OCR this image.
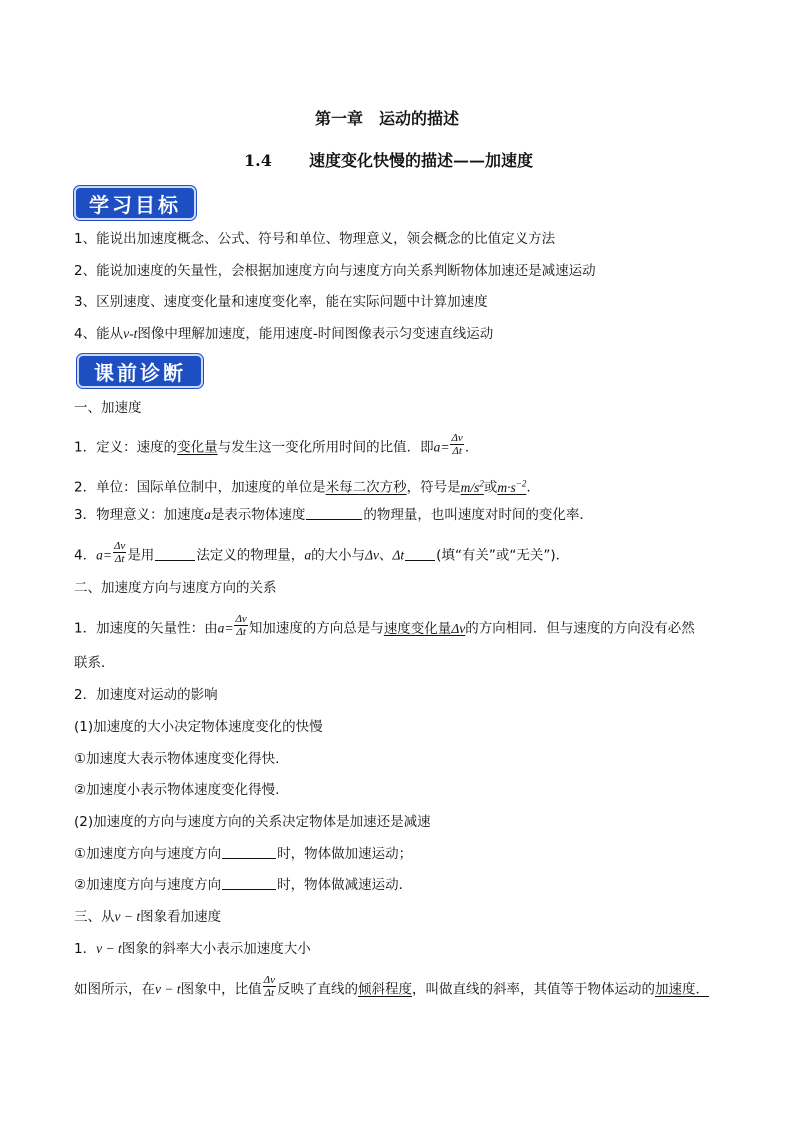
第一章　运动的描述
1.4 速度变化快慢的描述——加速度
学习目标
1、能说出加速度概念、公式、符号和单位、物理意义，领会概念的比值定义方法
2、能说加速度的矢量性，会根据加速度方向与速度方向关系判断物体加速还是减速运动
3、区别速度、速度变化量和速度变化率，能在实际问题中计算加速度
4、能从v-t图像中理解加速度，能用速度-时间图像表示匀变速直线运动
课前诊断
一、加速度
1．定义：速度的变化量与发生这一变化所用时间的比值．即$a= \frac{\Delta v}{\Delta t}$ .
2．单位：国际单位制中，加速度的单位是米每二次方秒，符号是$m/s^2$或$m\cdot s^{-2}$.
3．物理意义：加速度a是表示物体速度	的物理量，也叫速度对时间的变化率．
4．$a= \frac{\Delta v}{\Delta t}$ 是用	法定义的物理量，a的大小与Δv、Δt (填“有关”或“无关”)．
二、加速度方向与速度方向的关系
1．加速度的矢量性：由$a= \frac{\Delta v}{\Delta t}$ 知加速度的方向总是与速度变化量Δv的方向相同．但与速度的方向没有必然
联系．
2．加速度对运动的影响
(1)加速度的大小决定物体速度变化的快慢
①加速度大表示物体速度变化得快.
②加速度小表示物体速度变化得慢.
(2)加速度的方向与速度方向的关系决定物体是加速还是减速
①加速度方向与速度方向	时，物体做加速运动；
②加速度方向与速度方向	时，物体做减速运动．
三、从v − t图象看加速度
1．v − t图象的斜率大小表示加速度大小
如图所示，在v − t图象中，比值 $\frac{\Delta v}{\Delta t}$ 反映了直线的倾斜程度，叫做直线的斜率，其值等于物体运动的加速度．
